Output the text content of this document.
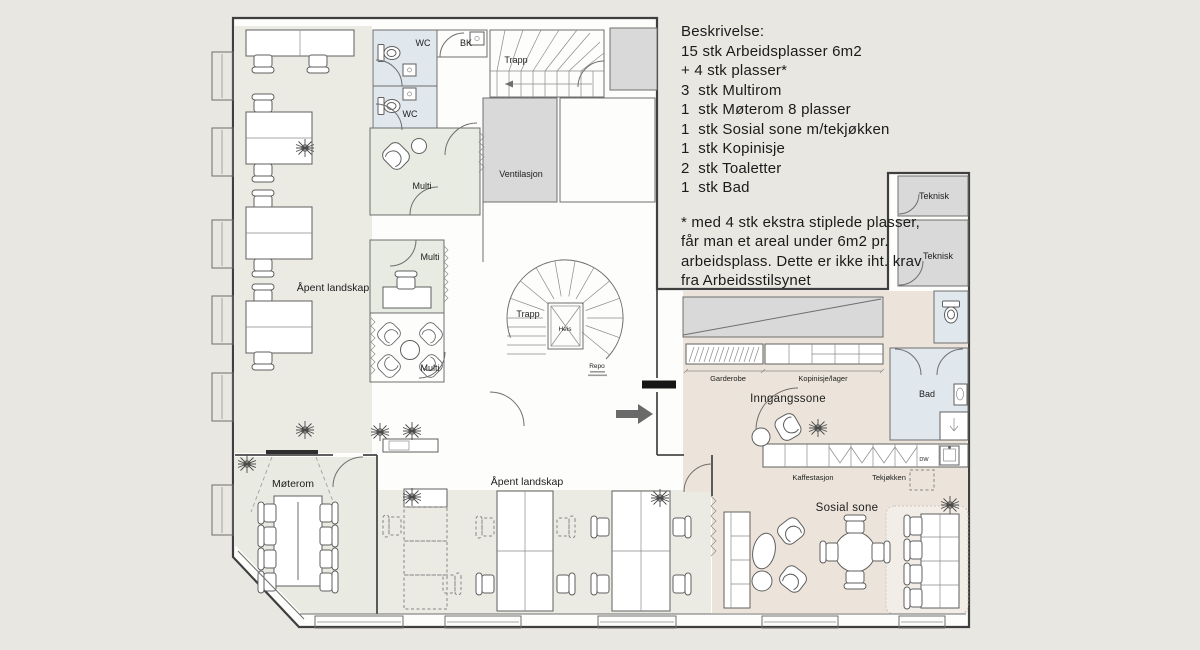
WC
WC
BK
Trapp
Ventilasjon
Multi
Multi
Multi
Åpent landskap
Trapp
Heis
Repo
Garderobe	Kopinisje/lager
Inngangssone
Teknisk
Teknisk
Bad
DW
Kaffestasjon	Tekjøkken
Sosial sone
Møterom	Åpent landskap
Beskrivelse:
15 stk Arbeidsplasser 6m2
+ 4 stk plasser*
3  stk Multirom
1  stk Møterom 8 plasser
1  stk Sosial sone m/tekjøkken
1  stk Kopinisje
2  stk Toaletter
1  stk Bad
* med 4 stk ekstra stiplede plasser,
får man et areal under 6m2 pr.
arbeidsplass. Dette er ikke iht. krav
fra Arbeidsstilsynet
